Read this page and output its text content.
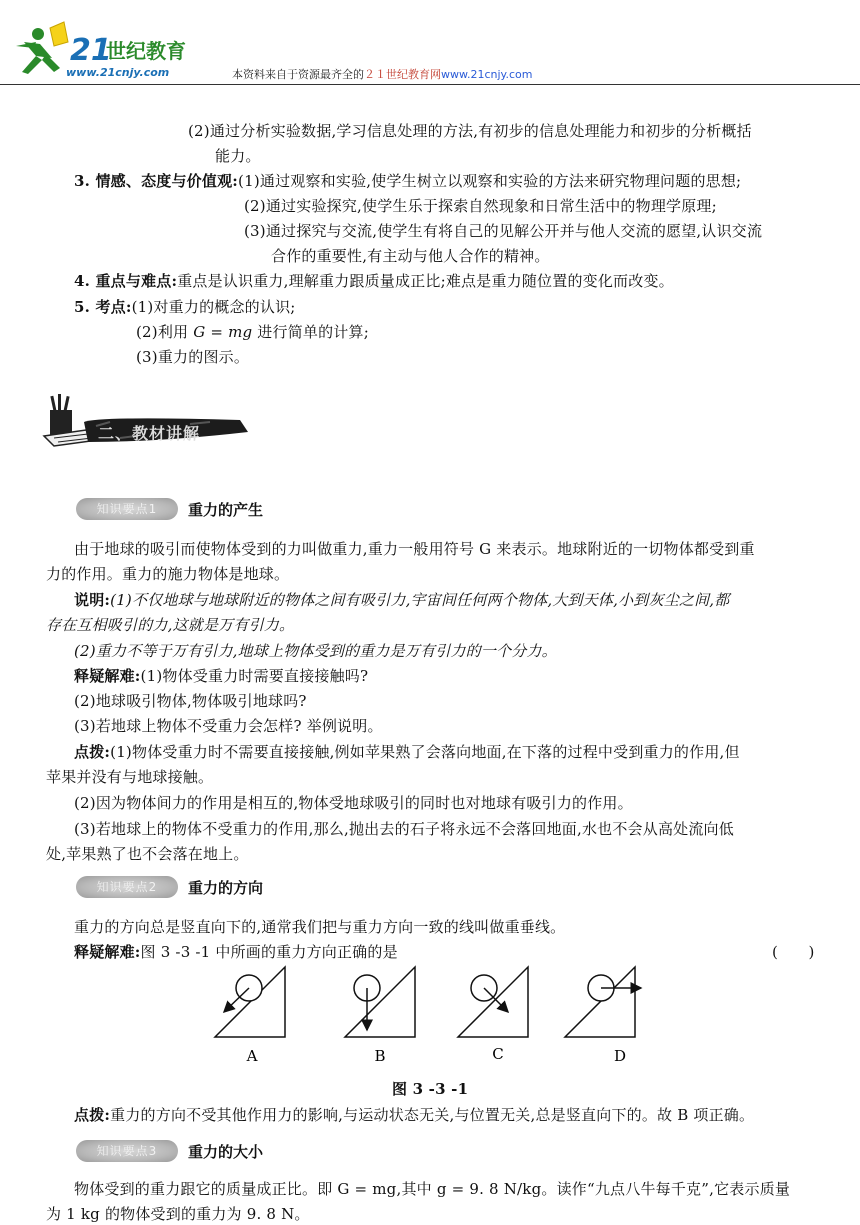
21
世纪教育
www.21cnjy.com	本资料来自于资源最齐全的２１世纪教育网www.21cnjy.com
(2)通过分析实验数据,学习信息处理的方法,有初步的信息处理能力和初步的分析概括
能力。
3. 情感、态度与价值观:(1)通过观察和实验,使学生树立以观察和实验的方法来研究物理问题的思想;
(2)通过实验探究,使学生乐于探索自然现象和日常生活中的物理学原理;
(3)通过探究与交流,使学生有将自己的见解公开并与他人交流的愿望,认识交流
合作的重要性,有主动与他人合作的精神。
4. 重点与难点:重点是认识重力,理解重力跟质量成正比;难点是重力随位置的变化而改变。
5. 考点:(1)对重力的概念的认识;
(2)利用 G = mg 进行简单的计算;
(3)重力的图示。
二、教材讲解
知识要点1	重力的产生
由于地球的吸引而使物体受到的力叫做重力,重力一般用符号 G 来表示。地球附近的一切物体都受到重
力的作用。重力的施力物体是地球。
说明:(1)不仅地球与地球附近的物体之间有吸引力,宇宙间任何两个物体,大到天体,小到灰尘之间,都
存在互相吸引的力,这就是万有引力。
(2)重力不等于万有引力,地球上物体受到的重力是万有引力的一个分力。
释疑解难:(1)物体受重力时需要直接接触吗?
(2)地球吸引物体,物体吸引地球吗?
(3)若地球上物体不受重力会怎样? 举例说明。
点拨:(1)物体受重力时不需要直接接触,例如苹果熟了会落向地面,在下落的过程中受到重力的作用,但
苹果并没有与地球接触。
(2)因为物体间力的作用是相互的,物体受地球吸引的同时也对地球有吸引力的作用。
(3)若地球上的物体不受重力的作用,那么,抛出去的石子将永远不会落回地面,水也不会从高处流向低
处,苹果熟了也不会落在地上。
知识要点2	重力的方向
重力的方向总是竖直向下的,通常我们把与重力方向一致的线叫做重垂线。
释疑解难:图 3 -3 -1 中所画的重力方向正确的是	(　　)
A	B	C	D
图 3 -3 -1
点拨:重力的方向不受其他作用力的影响,与运动状态无关,与位置无关,总是竖直向下的。故 B 项正确。
知识要点3	重力的大小
物体受到的重力跟它的质量成正比。即 G = mg,其中 g = 9. 8 N/kg。读作“九点八牛每千克”,它表示质量
为 1 kg 的物体受到的重力为 9. 8 N。
